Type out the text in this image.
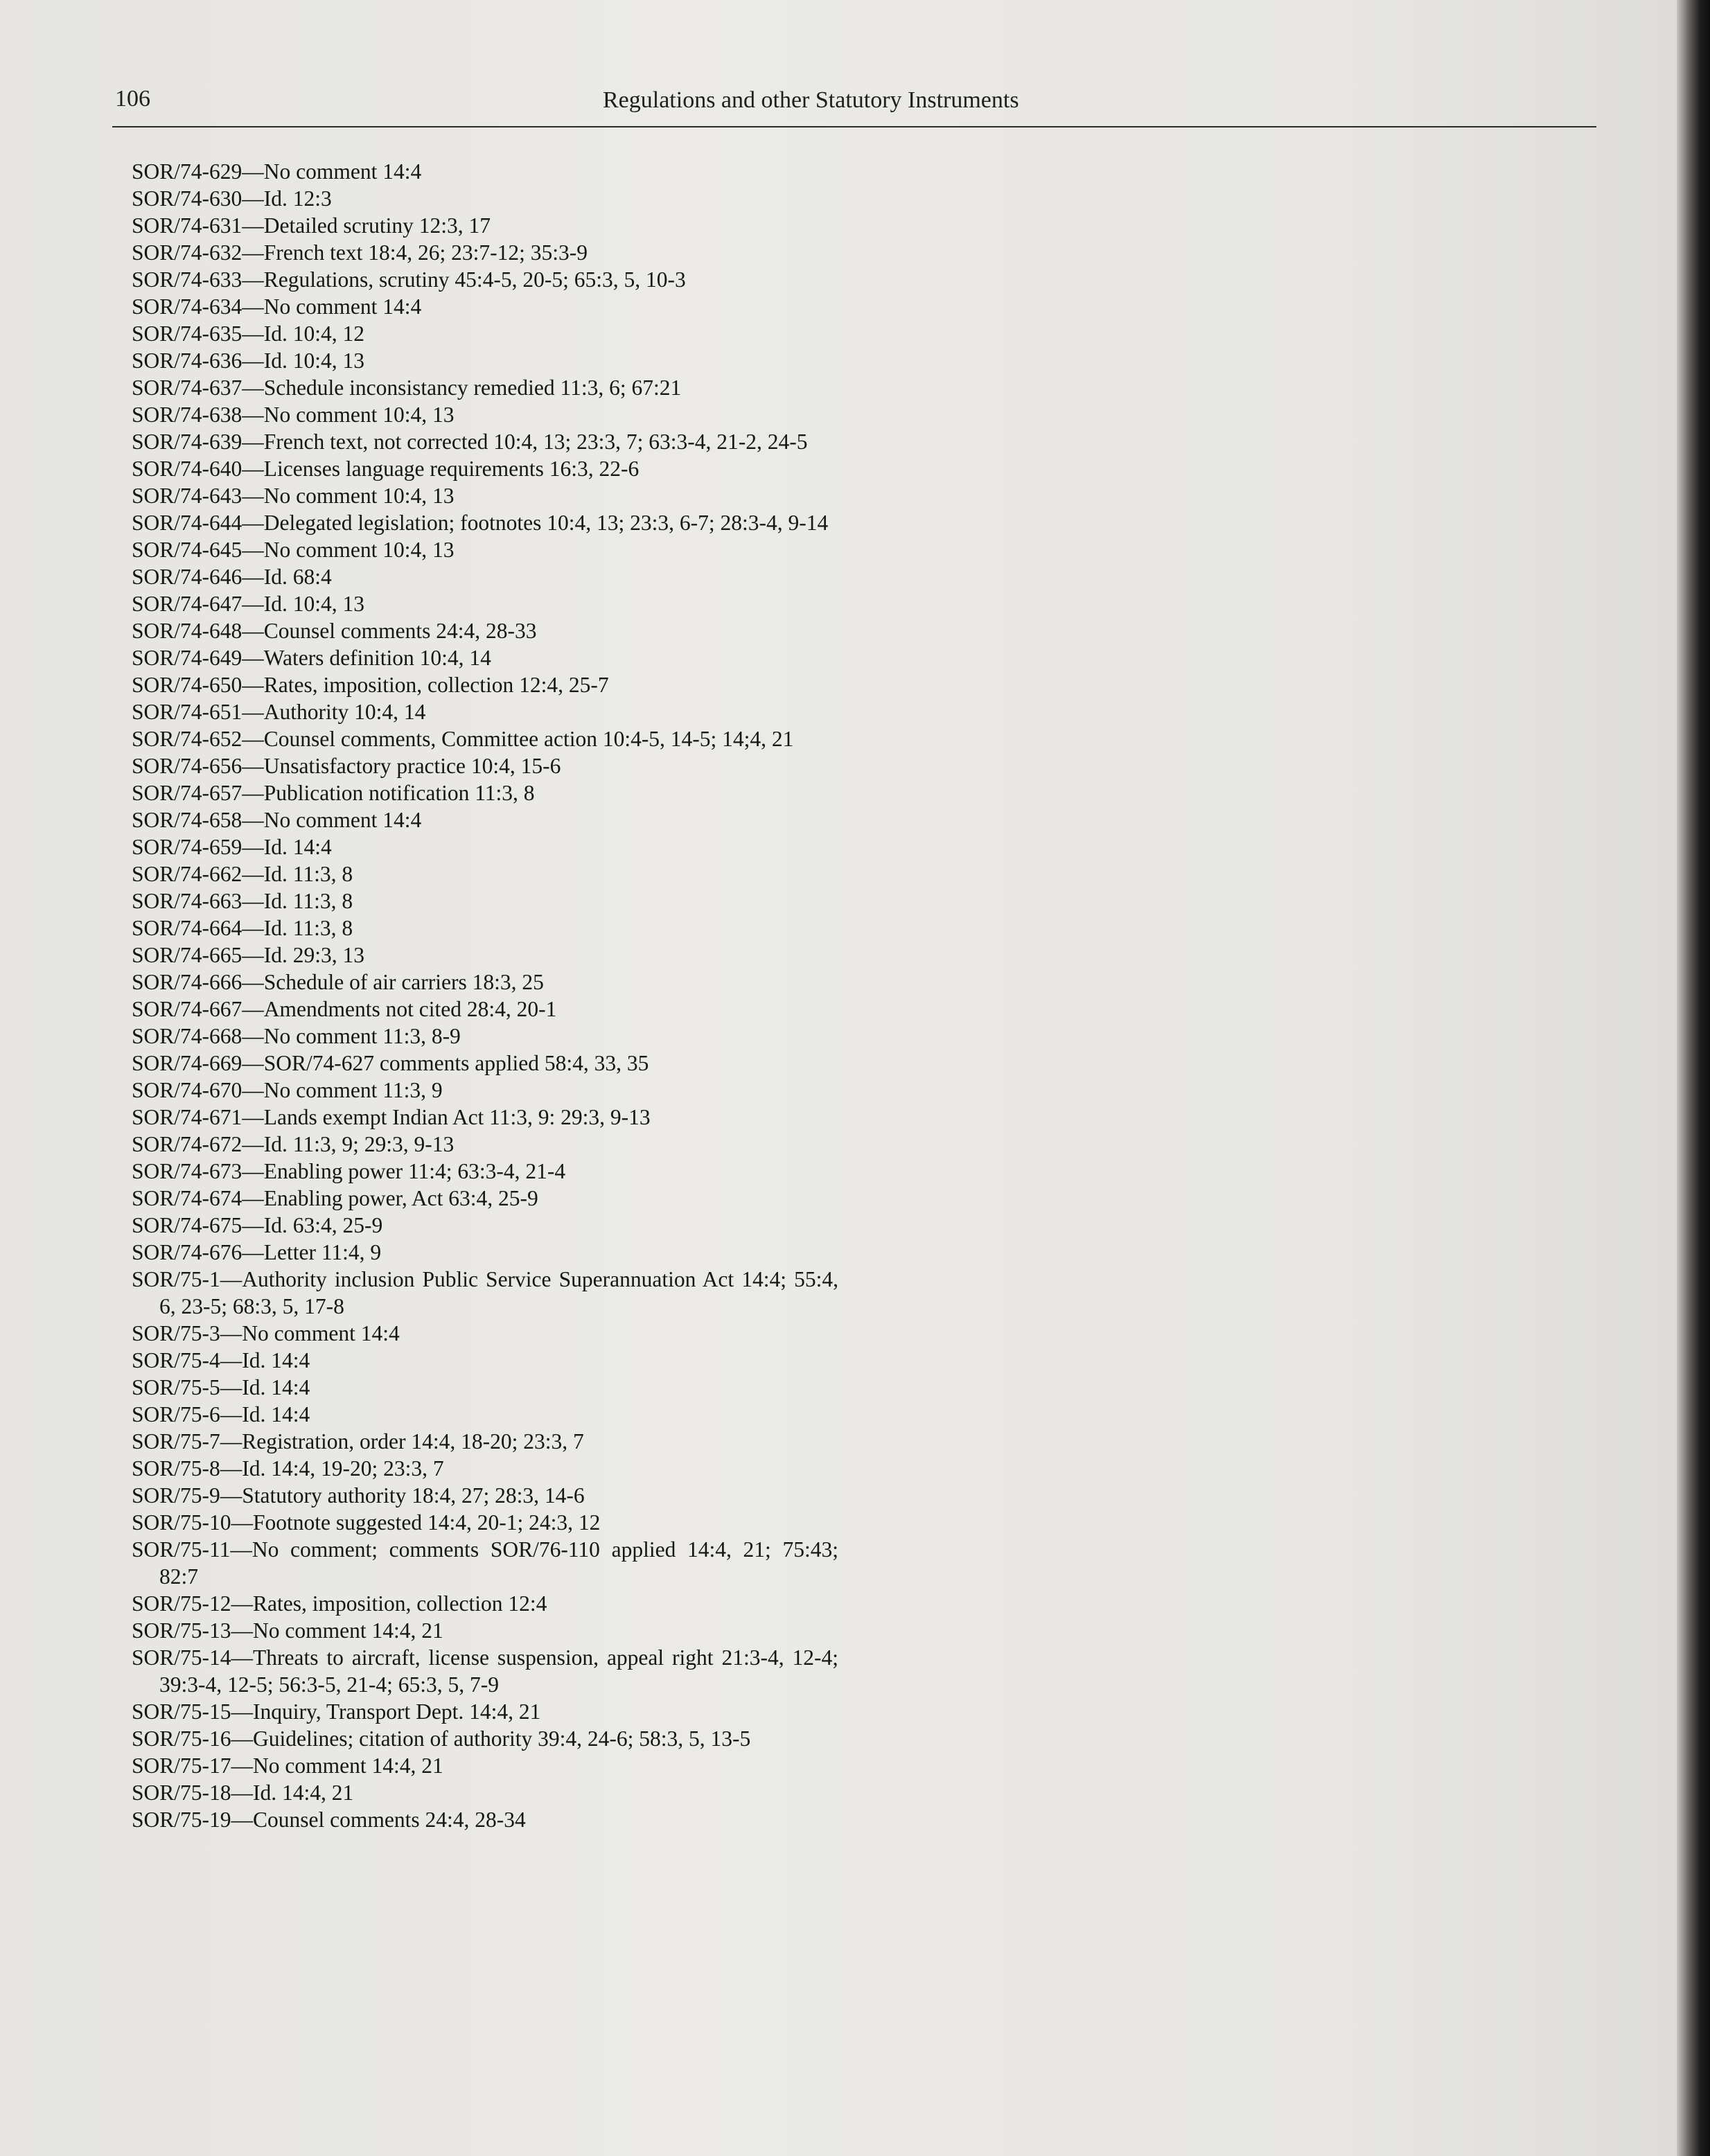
106	Regulations and other Statutory Instruments

SOR/74-629—No comment 14:4

SOR/74-630—Id. 12:3

SOR/74-631—Detailed scrutiny 12:3, 17

SOR/74-632—French text 18:4, 26; 23:7-12; 35:3-9

SOR/74-633—Regulations, scrutiny 45:4-5, 20-5; 65:3, 5, 10-3

SOR/74-634—No comment 14:4

SOR/74-635—Id. 10:4, 12

SOR/74-636—Id. 10:4, 13

SOR/74-637—Schedule inconsistancy remedied 11:3, 6; 67:21

SOR/74-638—No comment 10:4, 13

SOR/74-639—French text, not corrected 10:4, 13; 23:3, 7; 63:3-4, 21-2, 24-5

SOR/74-640—Licenses language requirements 16:3, 22-6

SOR/74-643—No comment 10:4, 13

SOR/74-644—Delegated legislation; footnotes 10:4, 13; 23:3, 6-7; 28:3-4, 9-14

SOR/74-645—No comment 10:4, 13

SOR/74-646—Id. 68:4

SOR/74-647—Id. 10:4, 13

SOR/74-648—Counsel comments 24:4, 28-33

SOR/74-649—Waters definition 10:4, 14

SOR/74-650—Rates, imposition, collection 12:4, 25-7

SOR/74-651—Authority 10:4, 14

SOR/74-652—Counsel comments, Committee action 10:4-5, 14-5; 14;4, 21

SOR/74-656—Unsatisfactory practice 10:4, 15-6

SOR/74-657—Publication notification 11:3, 8

SOR/74-658—No comment 14:4

SOR/74-659—Id. 14:4

SOR/74-662—Id. 11:3, 8

SOR/74-663—Id. 11:3, 8

SOR/74-664—Id. 11:3, 8

SOR/74-665—Id. 29:3, 13

SOR/74-666—Schedule of air carriers 18:3, 25

SOR/74-667—Amendments not cited 28:4, 20-1

SOR/74-668—No comment 11:3, 8-9

SOR/74-669—SOR/74-627 comments applied 58:4, 33, 35

SOR/74-670—No comment 11:3, 9

SOR/74-671—Lands exempt Indian Act 11:3, 9: 29:3, 9-13

SOR/74-672—Id. 11:3, 9; 29:3, 9-13

SOR/74-673—Enabling power 11:4; 63:3-4, 21-4

SOR/74-674—Enabling power, Act 63:4, 25-9

SOR/74-675—Id. 63:4, 25-9

SOR/74-676—Letter 11:4, 9

SOR/75-1—Authority inclusion Public Service Superannuation Act 14:4; 55:4, 6, 23-5; 68:3, 5, 17-8

SOR/75-3—No comment 14:4

SOR/75-4—Id. 14:4

SOR/75-5—Id. 14:4

SOR/75-6—Id. 14:4

SOR/75-7—Registration, order 14:4, 18-20; 23:3, 7

SOR/75-8—Id. 14:4, 19-20; 23:3, 7

SOR/75-9—Statutory authority 18:4, 27; 28:3, 14-6

SOR/75-10—Footnote suggested 14:4, 20-1; 24:3, 12

SOR/75-11—No comment; comments SOR/76-110 applied 14:4, 21; 75:43; 82:7

SOR/75-12—Rates, imposition, collection 12:4

SOR/75-13—No comment 14:4, 21

SOR/75-14—Threats to aircraft, license suspension, appeal right 21:3-4, 12-4; 39:3-4, 12-5; 56:3-5, 21-4; 65:3, 5, 7-9

SOR/75-15—Inquiry, Transport Dept. 14:4, 21

SOR/75-16—Guidelines; citation of authority 39:4, 24-6; 58:3, 5, 13-5

SOR/75-17—No comment 14:4, 21

SOR/75-18—Id. 14:4, 21

SOR/75-19—Counsel comments 24:4, 28-34
